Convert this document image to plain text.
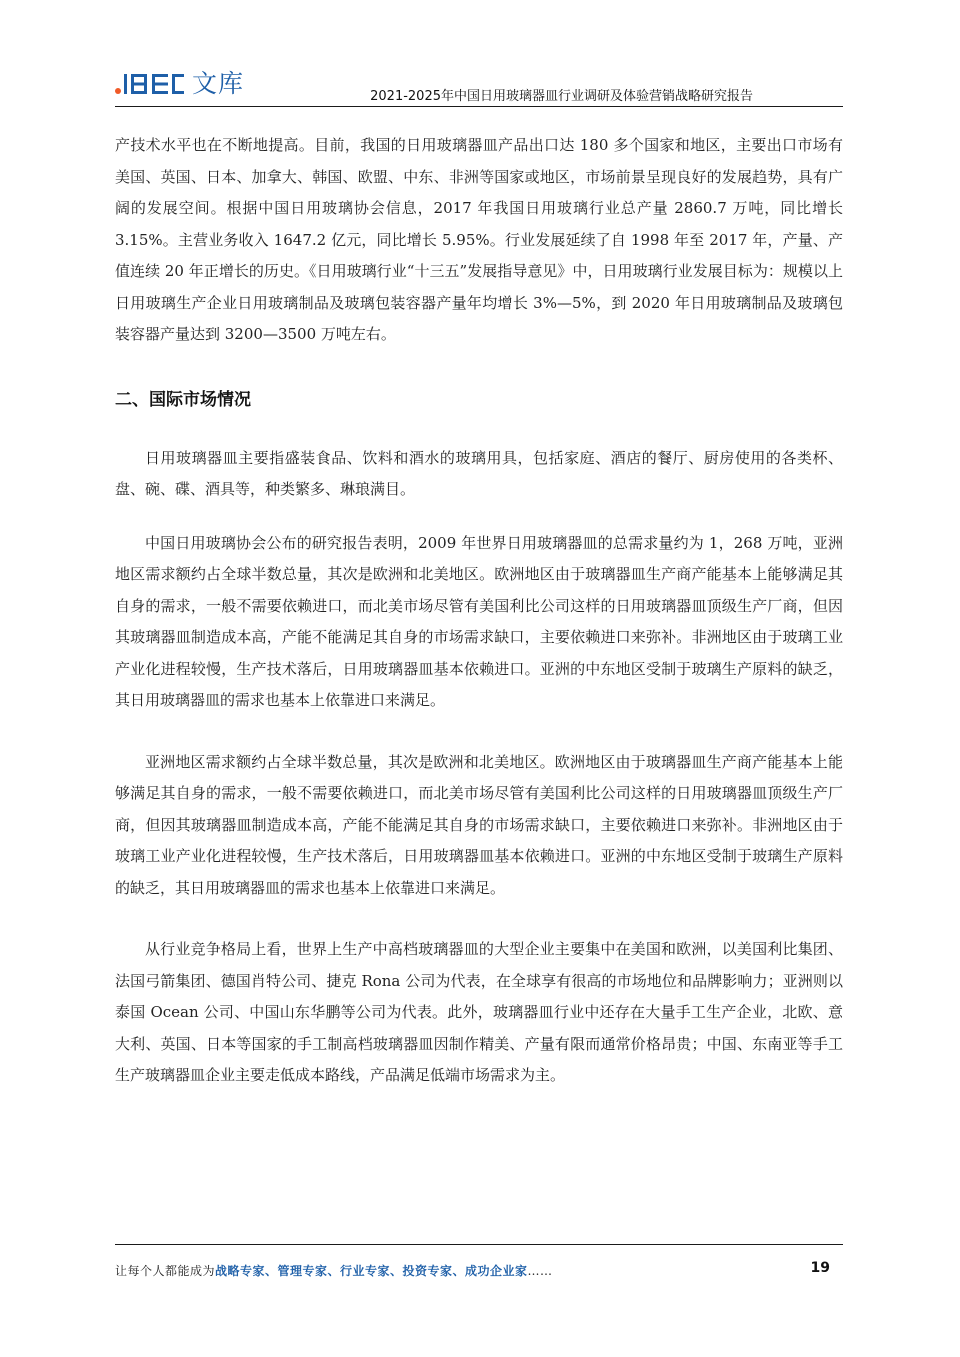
文库	2021-2025年中国日用玻璃器皿行业调研及体验营销战略研究报告

产技术水平也在不断地提高。目前，我国的日用玻璃器皿产品出口达 180 多个国家和地区，主要出口市场有美国、英国、日本、加拿大、韩国、欧盟、中东、非洲等国家或地区，市场前景呈现良好的发展趋势，具有广阔的发展空间。根据中国日用玻璃协会信息，2017 年我国日用玻璃行业总产量 2860.7 万吨，同比增长 3.15%。主营业务收入 1647.2 亿元，同比增长 5.95%。行业发展延续了自 1998 年至 2017 年，产量、产值连续 20 年正增长的历史。《日用玻璃行业“十三五”发展指导意见》中，日用玻璃行业发展目标为：规模以上日用玻璃生产企业日用玻璃制品及玻璃包装容器产量年均增长 3%—5%，到 2020 年日用玻璃制品及玻璃包装容器产量达到 3200—3500 万吨左右。

二、国际市场情况

日用玻璃器皿主要指盛装食品、饮料和酒水的玻璃用具，包括家庭、酒店的餐厅、厨房使用的各类杯、盘、碗、碟、酒具等，种类繁多、琳琅满目。

中国日用玻璃协会公布的研究报告表明，2009 年世界日用玻璃器皿的总需求量约为 1，268 万吨，亚洲地区需求额约占全球半数总量，其次是欧洲和北美地区。欧洲地区由于玻璃器皿生产商产能基本上能够满足其自身的需求，一般不需要依赖进口，而北美市场尽管有美国利比公司这样的日用玻璃器皿顶级生产厂商，但因其玻璃器皿制造成本高，产能不能满足其自身的市场需求缺口，主要依赖进口来弥补。非洲地区由于玻璃工业产业化进程较慢，生产技术落后，日用玻璃器皿基本依赖进口。亚洲的中东地区受制于玻璃生产原料的缺乏，其日用玻璃器皿的需求也基本上依靠进口来满足。

亚洲地区需求额约占全球半数总量，其次是欧洲和北美地区。欧洲地区由于玻璃器皿生产商产能基本上能够满足其自身的需求，一般不需要依赖进口，而北美市场尽管有美国利比公司这样的日用玻璃器皿顶级生产厂商，但因其玻璃器皿制造成本高，产能不能满足其自身的市场需求缺口，主要依赖进口来弥补。非洲地区由于玻璃工业产业化进程较慢，生产技术落后，日用玻璃器皿基本依赖进口。亚洲的中东地区受制于玻璃生产原料的缺乏，其日用玻璃器皿的需求也基本上依靠进口来满足。

从行业竞争格局上看，世界上生产中高档玻璃器皿的大型企业主要集中在美国和欧洲，以美国利比集团、法国弓箭集团、德国肖特公司、捷克 Rona 公司为代表，在全球享有很高的市场地位和品牌影响力；亚洲则以泰国 Ocean 公司、中国山东华鹏等公司为代表。此外，玻璃器皿行业中还存在大量手工生产企业，北欧、意大利、英国、日本等国家的手工制高档玻璃器皿因制作精美、产量有限而通常价格昂贵；中国、东南亚等手工生产玻璃器皿企业主要走低成本路线，产品满足低端市场需求为主。

让每个人都能成为战略专家、管理专家、行业专家、投资专家、成功企业家……	19
